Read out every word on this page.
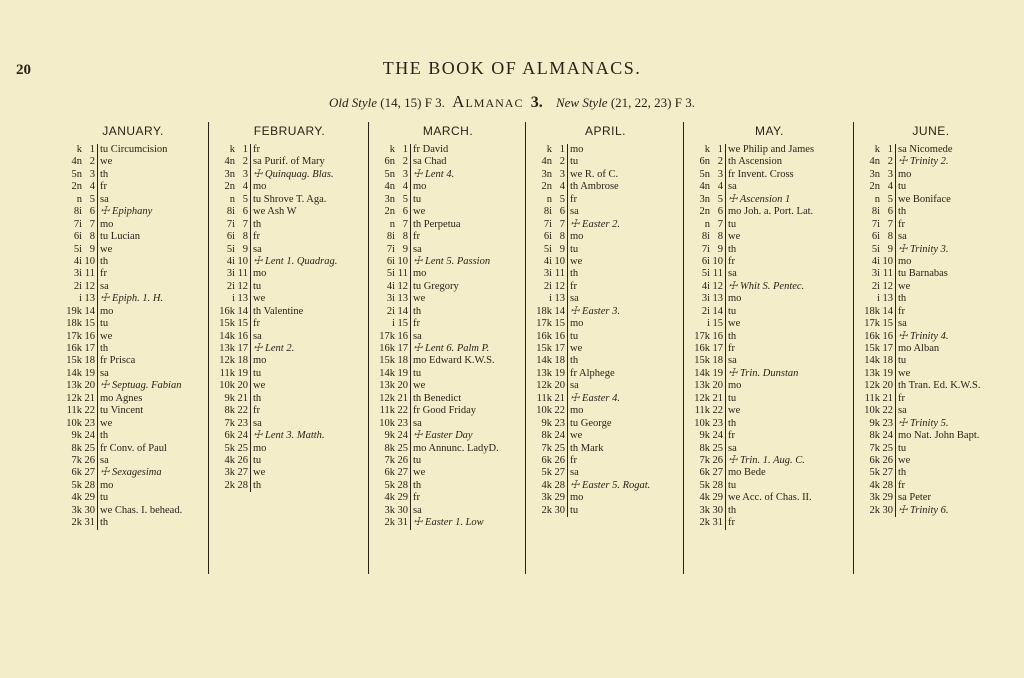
20	THE BOOK OF ALMANACS.
Old Style (14, 15) F 3. Almanac 3. New Style (21, 22, 23) F 3.
JANUARY.
k 1 tu Circumcision
4n 2 we
5n 3 th
2n 4 fr
n 5 sa
8i 6 ☩ Epiphany
7i 7 mo
6i 8 tu Lucian
5i 9 we
4i 10 th
3i 11 fr
2i 12 sa
i 13 ☩ Epiph. 1. H.
19k 14 mo
18k 15 tu
17k 16 we
16k 17 th
15k 18 fr Prisca
14k 19 sa
13k 20 ☩ Septuag. Fabian
12k 21 mo Agnes
11k 22 tu Vincent
10k 23 we
9k 24 th
8k 25 fr Conv. of Paul
7k 26 sa
6k 27 ☩ Sexagesima
5k 28 mo
4k 29 tu
3k 30 we Chas. I. behead.
2k 31 th
FEBRUARY.
k 1 fr
4n 2 sa Purif. of Mary
3n 3 ☩ Quinquag. Blas.
2n 4 mo
n 5 tu Shrove T. Aga.
8i 6 we Ash W
7i 7 th
6i 8 fr
5i 9 sa
4i 10 ☩ Lent 1. Quadrag.
3i 11 mo
2i 12 tu
i 13 we
16k 14 th Valentine
15k 15 fr
14k 16 sa
13k 17 ☩ Lent 2.
12k 18 mo
11k 19 tu
10k 20 we
9k 21 th
8k 22 fr
7k 23 sa
6k 24 ☩ Lent 3. Matth.
5k 25 mo
4k 26 tu
3k 27 we
2k 28 th
MARCH.
k 1 fr David
6n 2 sa Chad
5n 3 ☩ Lent 4.
4n 4 mo
3n 5 tu
2n 6 we
n 7 th Perpetua
8i 8 fr
7i 9 sa
6i 10 ☩ Lent 5. Passion
5i 11 mo
4i 12 tu Gregory
3i 13 we
2i 14 th
i 15 fr
17k 16 sa
16k 17 ☩ Lent 6. Palm P.
15k 18 mo Edward K.W.S.
14k 19 tu
13k 20 we
12k 21 th Benedict
11k 22 fr Good Friday
10k 23 sa
9k 24 ☩ Easter Day
8k 25 mo Annunc. LadyD.
7k 26 tu
6k 27 we
5k 28 th
4k 29 fr
3k 30 sa
2k 31 ☩ Easter 1. Low
APRIL.
k 1 mo
4n 2 tu
3n 3 we R. of C.
2n 4 th Ambrose
n 5 fr
8i 6 sa
7i 7 ☩ Easter 2.
6i 8 mo
5i 9 tu
4i 10 we
3i 11 th
2i 12 fr
i 13 sa
18k 14 ☩ Easter 3.
17k 15 mo
16k 16 tu
15k 17 we
14k 18 th
13k 19 fr Alphege
12k 20 sa
11k 21 ☩ Easter 4.
10k 22 mo
9k 23 tu George
8k 24 we
7k 25 th Mark
6k 26 fr
5k 27 sa
4k 28 ☩ Easter 5. Rogat.
3k 29 mo
2k 30 tu
MAY.
k 1 we Philip and James
6n 2 th Ascension
5n 3 fr Invent. Cross
4n 4 sa
3n 5 ☩ Ascension 1
2n 6 mo Joh. a. Port. Lat.
n 7 tu
8i 8 we
7i 9 th
6i 10 fr
5i 11 sa
4i 12 ☩ Whit S. Pentec.
3i 13 mo
2i 14 tu
i 15 we
17k 16 th
16k 17 fr
15k 18 sa
14k 19 ☩ Trin. Dunstan
13k 20 mo
12k 21 tu
11k 22 we
10k 23 th
9k 24 fr
8k 25 sa
7k 26 ☩ Trin. 1. Aug. C.
6k 27 mo Bede
5k 28 tu
4k 29 we Acc. of Chas. II.
3k 30 th
2k 31 fr
JUNE.
k 1 sa Nicomede
4n 2 ☩ Trinity 2.
3n 3 mo
2n 4 tu
n 5 we Boniface
8i 6 th
7i 7 fr
6i 8 sa
5i 9 ☩ Trinity 3.
4i 10 mo
3i 11 tu Barnabas
2i 12 we
i 13 th
18k 14 fr
17k 15 sa
16k 16 ☩ Trinity 4.
15k 17 mo Alban
14k 18 tu
13k 19 we
12k 20 th Tran. Ed. K.W.S.
11k 21 fr
10k 22 sa
9k 23 ☩ Trinity 5.
8k 24 mo Nat. John Bapt.
7k 25 tu
6k 26 we
5k 27 th
4k 28 fr
3k 29 sa Peter
2k 30 ☩ Trinity 6.
